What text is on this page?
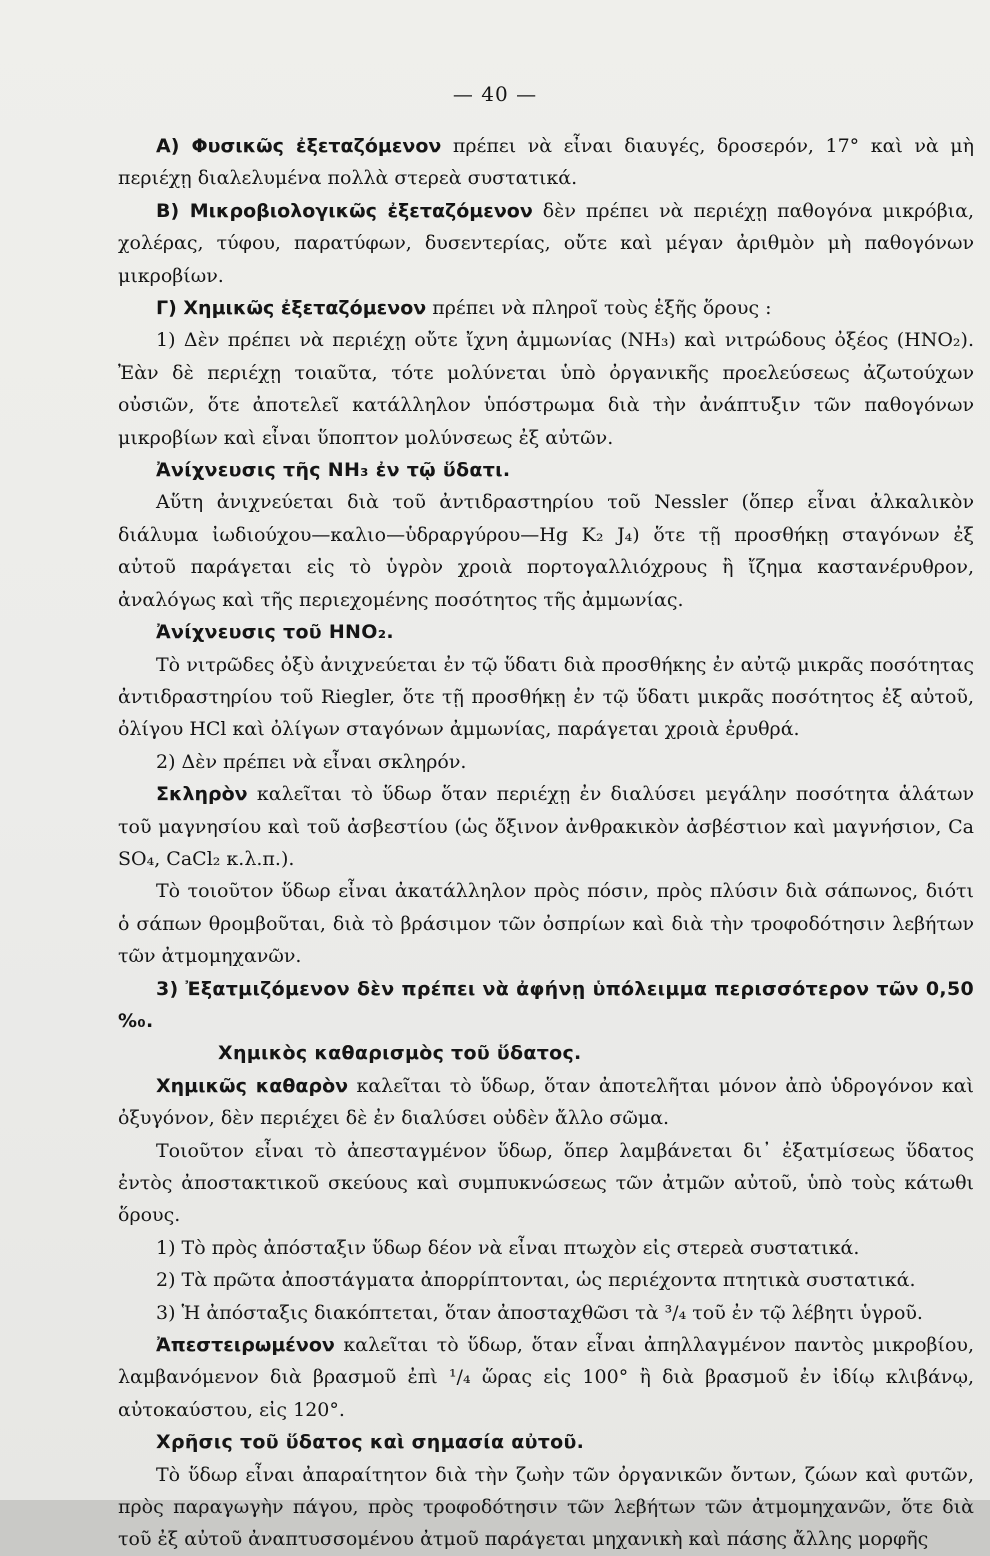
— 40 —

Α) Φυσικῶς ἐξεταζόμενον πρέπει νὰ εἶναι διαυγές, δροσερόν, 17° καὶ νὰ μὴ περιέχῃ διαλελυμένα πολλὰ στερεὰ συστατικά.

Β) Μικροβιολογικῶς ἐξεταζόμενον δὲν πρέπει νὰ περιέχῃ παθογόνα μικρόβια, χολέρας, τύφου, παρατύφων, δυσεντερίας, οὔτε καὶ μέγαν ἀριθμὸν μὴ παθογόνων μικροβίων.

Γ) Χημικῶς ἐξεταζόμενον πρέπει νὰ πληροῖ τοὺς ἑξῆς ὅρους :

1) Δὲν πρέπει νὰ περιέχῃ οὔτε ἴχνη ἀμμωνίας (NH₃) καὶ νιτρώδους ὀξέος (HNO₂). Ἐὰν δὲ περιέχῃ τοιαῦτα, τότε μολύνεται ὑπὸ ὀργανικῆς προελεύσεως ἀζωτούχων οὐσιῶν, ὅτε ἀποτελεῖ κατάλληλον ὑπόστρωμα διὰ τὴν ἀνάπτυξιν τῶν παθογόνων μικροβίων καὶ εἶναι ὕποπτον μολύνσεως ἐξ αὐτῶν.

Ἀνίχνευσις τῆς NH₃ ἐν τῷ ὕδατι.

Αὕτη ἀνιχνεύεται διὰ τοῦ ἀντιδραστηρίου τοῦ Nessler (ὅπερ εἶναι ἀλκαλικὸν διάλυμα ἰωδιούχου—καλιο—ὑδραργύρου—Hg K₂ J₄) ὅτε τῇ προσθήκῃ σταγόνων ἐξ αὐτοῦ παράγεται εἰς τὸ ὑγρὸν χροιὰ πορτογαλλιόχρους ἢ ἴζημα καστανέρυθρον, ἀναλόγως καὶ τῆς περιεχομένης ποσότητος τῆς ἀμμωνίας.

Ἀνίχνευσις τοῦ HNO₂.

Τὸ νιτρῶδες ὀξὺ ἀνιχνεύεται ἐν τῷ ὕδατι διὰ προσθήκης ἐν αὐτῷ μικρᾶς ποσότητας ἀντιδραστηρίου τοῦ Riegler, ὅτε τῇ προσθήκῃ ἐν τῷ ὕδατι μικρᾶς ποσότητος ἐξ αὐτοῦ, ὀλίγου HCl καὶ ὀλίγων σταγόνων ἀμμωνίας, παράγεται χροιὰ ἐρυθρά.

2) Δὲν πρέπει νὰ εἶναι σκληρόν.

Σκληρὸν καλεῖται τὸ ὕδωρ ὅταν περιέχῃ ἐν διαλύσει μεγάλην ποσότητα ἁλάτων τοῦ μαγνησίου καὶ τοῦ ἀσβεστίου (ὡς ὄξινον ἀνθρακικὸν ἀσβέστιον καὶ μαγνήσιον, Ca SO₄, CaCl₂ κ.λ.π.).

Τὸ τοιοῦτον ὕδωρ εἶναι ἀκατάλληλον πρὸς πόσιν, πρὸς πλύσιν διὰ σάπωνος, διότι ὁ σάπων θρομβοῦται, διὰ τὸ βράσιμον τῶν ὀσπρίων καὶ διὰ τὴν τροφοδότησιν λεβήτων τῶν ἀτμομηχανῶν.

3) Ἐξατμιζόμενον δὲν πρέπει νὰ ἀφήνῃ ὑπόλειμμα περισσότερον τῶν 0,50 %₀.

Χημικὸς καθαρισμὸς τοῦ ὕδατος.

Χημικῶς καθαρὸν καλεῖται τὸ ὕδωρ, ὅταν ἀποτελῆται μόνον ἀπὸ ὑδρογόνον καὶ ὀξυγόνον, δὲν περιέχει δὲ ἐν διαλύσει οὐδὲν ἄλλο σῶμα.

Τοιοῦτον εἶναι τὸ ἀπεσταγμένον ὕδωρ, ὅπερ λαμβάνεται δι᾽ ἐξατμίσεως ὕδατος ἐντὸς ἀποστακτικοῦ σκεύους καὶ συμπυκνώσεως τῶν ἀτμῶν αὐτοῦ, ὑπὸ τοὺς κάτωθι ὅρους.

1) Τὸ πρὸς ἀπόσταξιν ὕδωρ δέον νὰ εἶναι πτωχὸν εἰς στερεὰ συστατικά.

2) Τὰ πρῶτα ἀποστάγματα ἀπορρίπτονται, ὡς περιέχοντα πτητικὰ συστατικά.

3) Ἡ ἀπόσταξις διακόπτεται, ὅταν ἀποσταχθῶσι τὰ ³/₄ τοῦ ἐν τῷ λέβητι ὑγροῦ.

Ἀπεστειρωμένον καλεῖται τὸ ὕδωρ, ὅταν εἶναι ἀπηλλαγμένον παντὸς μικροβίου, λαμβανόμενον διὰ βρασμοῦ ἐπὶ ¹/₄ ὥρας εἰς 100° ἢ διὰ βρασμοῦ ἐν ἰδίῳ κλιβάνῳ, αὐτοκαύστου, εἰς 120°.

Χρῆσις τοῦ ὕδατος καὶ σημασία αὐτοῦ.

Τὸ ὕδωρ εἶναι ἀπαραίτητον διὰ τὴν ζωὴν τῶν ὀργανικῶν ὄντων, ζώων καὶ φυτῶν, πρὸς παραγωγὴν πάγου, πρὸς τροφοδότησιν τῶν λεβήτων τῶν ἀτμομηχανῶν, ὅτε διὰ τοῦ ἐξ αὐτοῦ ἀναπτυσσομένου ἀτμοῦ παράγεται μηχανικὴ καὶ πάσης ἄλλης μορφῆς
